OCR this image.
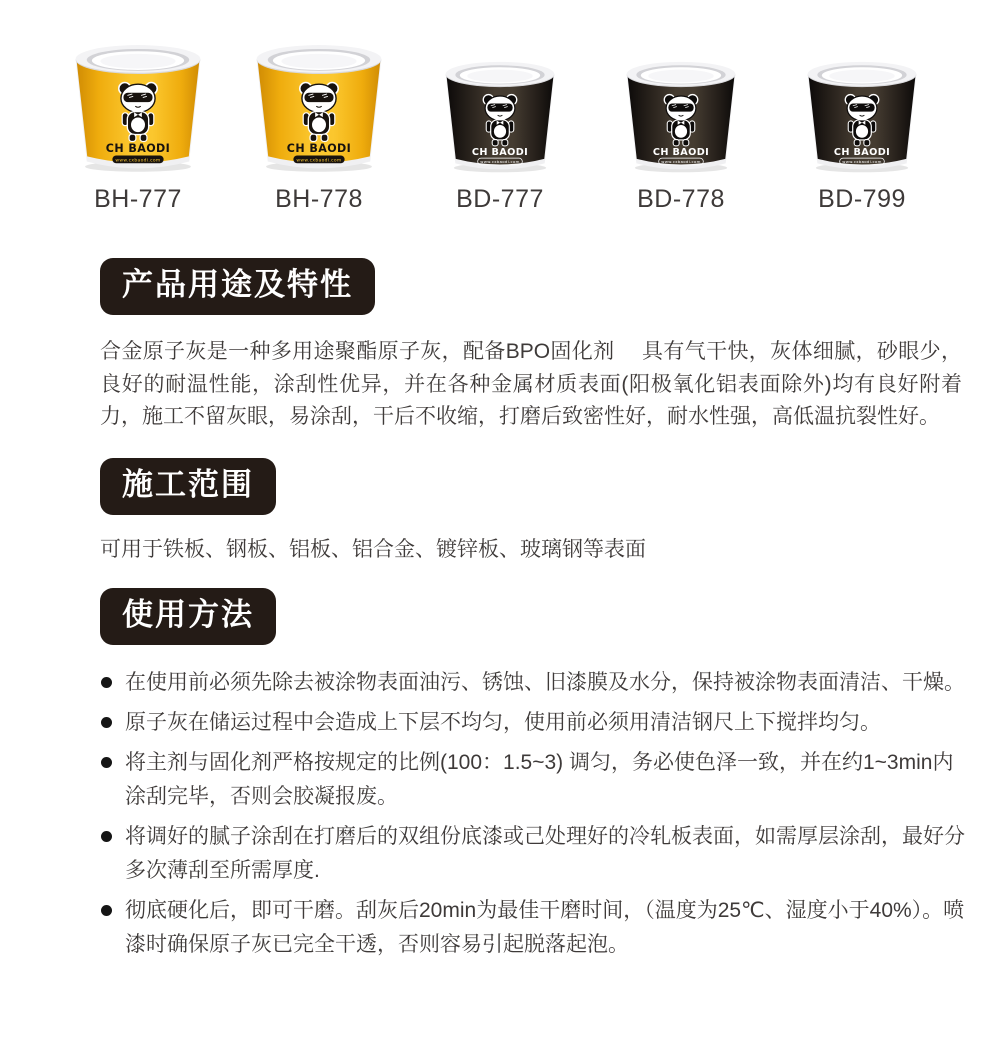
CH BAODI
www.cxbaodi.com
BH-777
CH BAODI
www.cxbaodi.com
BH-778
CH BAODI
www.cxbaodi.com
BD-777
CH BAODI
www.cxbaodi.com
BD-778
CH BAODI
www.cxbaodi.com
BD-799
产品用途及特性

合金原子灰是一种多用途聚酯原子灰，配备BPO固化剂　 具有气干快，灰体细腻，砂眼少，良好的耐温性能，涂刮性优异，并在各种金属材质表面(阳极氧化铝表面除外)均有良好附着力，施工不留灰眼，易涂刮，干后不收缩，打磨后致密性好，耐水性强，高低温抗裂性好。

施工范围

可用于铁板、钢板、铝板、铝合金、镀锌板、玻璃钢等表面

使用方法
在使用前必须先除去被涂物表面油污、锈蚀、旧漆膜及水分，保持被涂物表面清洁、干燥。
原子灰在储运过程中会造成上下层不均匀，使用前必须用清洁钢尺上下搅拌均匀。
将主剂与固化剂严格按规定的比例(100：1.5~3) 调匀，务必使色泽一致，并在约1~3min内涂刮完毕，否则会胶凝报废。
将调好的腻子涂刮在打磨后的双组份底漆或己处理好的冷轧板表面，如需厚层涂刮，最好分多次薄刮至所需厚度.
彻底硬化后，即可干磨。刮灰后20min为最佳干磨时间，（温度为25℃、湿度小于40%）。喷漆时确保原子灰已完全干透，否则容易引起脱落起泡。
